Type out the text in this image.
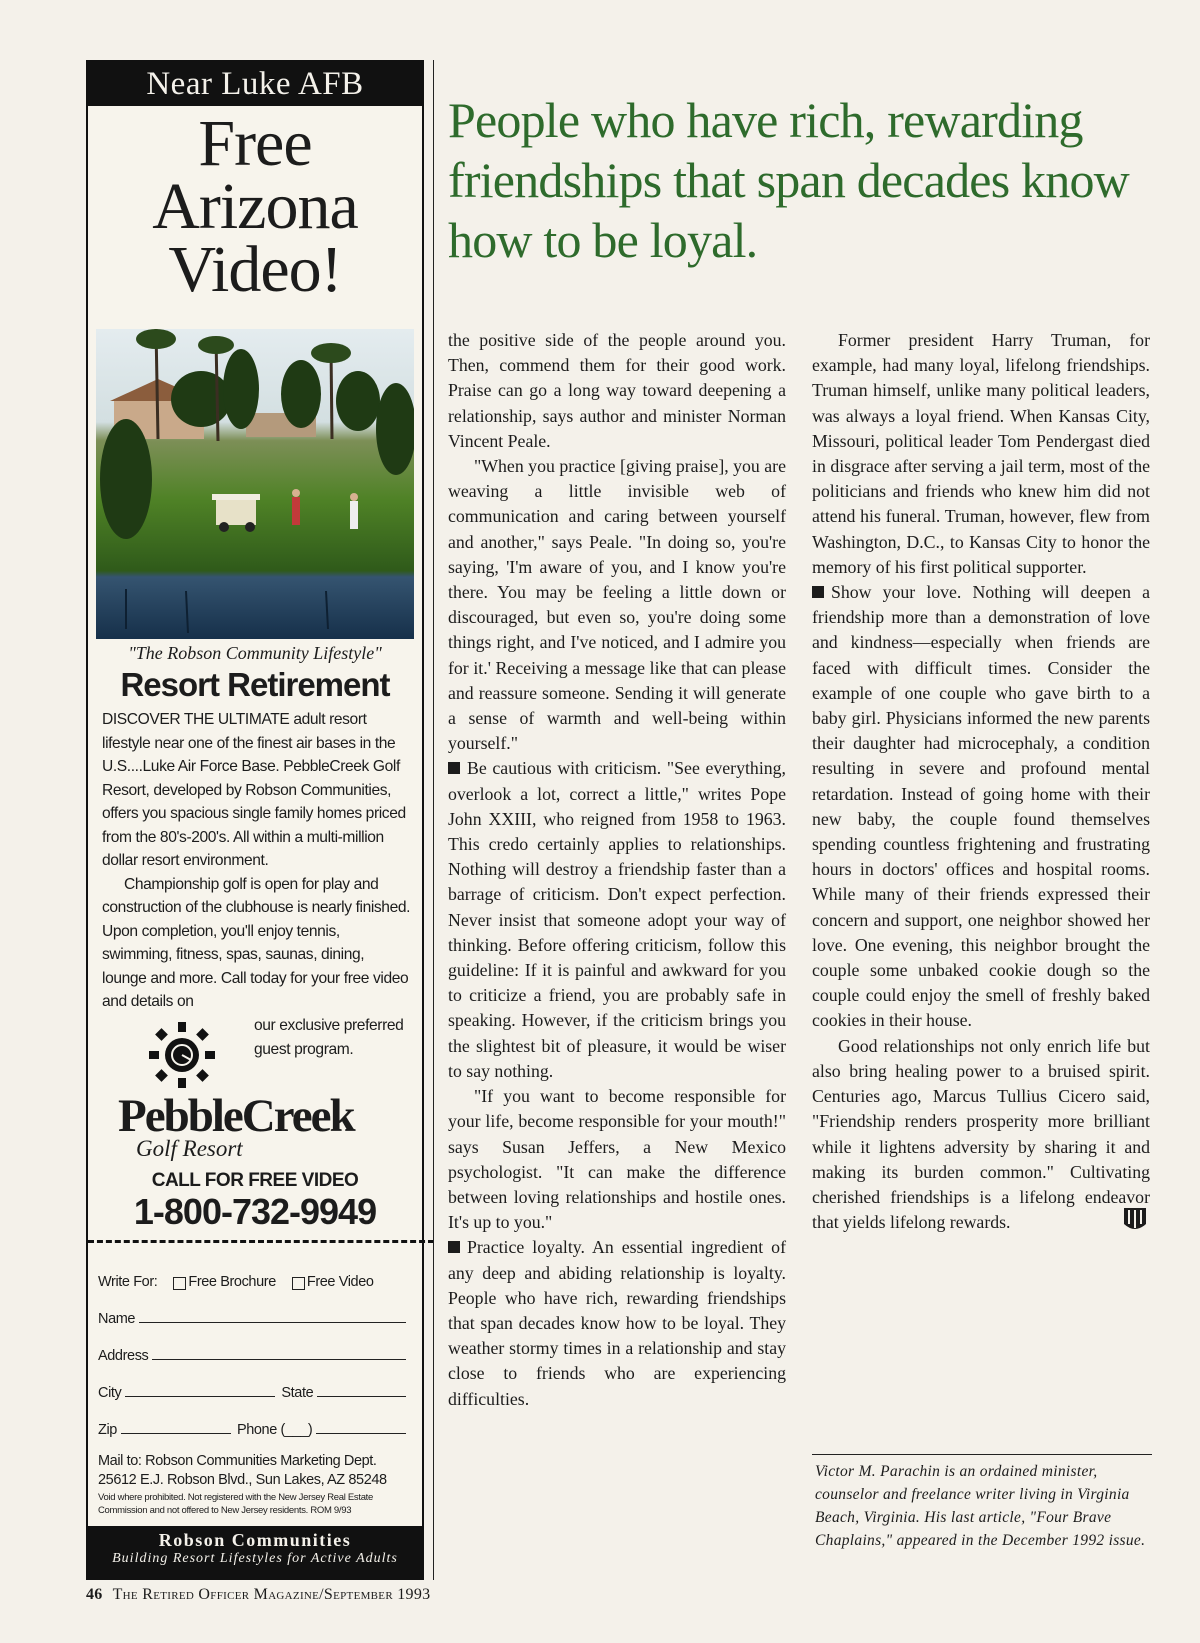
Near Luke AFB
Free
Arizona
Video!
"The Robson Community Lifestyle"
Resort Retirement

DISCOVER THE ULTIMATE adult resort lifestyle near one of the finest air bases in the U.S....Luke Air Force Base. PebbleCreek Golf Resort, developed by Robson Communities, offers you spacious single family homes priced from the 80's-200's. All within a multi-million dollar resort environment.

Championship golf is open for play and construction of the clubhouse is nearly finished. Upon completion, you'll enjoy tennis, swimming, fitness, spas, saunas, dining, lounge and more. Call today for your free video and details on

our exclusive preferred guest program.
PebbleCreek
Golf Resort
CALL FOR FREE VIDEO
1-800-732-9949
Write For: Free Brochure Free Video
Name
Address
City	State
Zip	Phone (___)
Mail to: Robson Communities Marketing Dept. 25612 E.J. Robson Blvd., Sun Lakes, AZ 85248
Void where prohibited. Not registered with the New Jersey Real Estate Commission and not offered to New Jersey residents. ROM 9/93
Robson Communities
Building Resort Lifestyles for Active Adults
People who have rich, rewarding
friendships that span decades know
how to be loyal.

the positive side of the people around you. Then, commend them for their good work. Praise can go a long way toward deepening a relationship, says author and minister Norman Vincent Peale.

"When you practice [giving praise], you are weaving a little invisible web of communication and caring between yourself and another," says Peale. "In doing so, you're saying, 'I'm aware of you, and I know you're there. You may be feeling a little down or discouraged, but even so, you're doing some things right, and I've noticed, and I admire you for it.' Receiving a message like that can please and reassure someone. Sending it will generate a sense of warmth and well-being within yourself."

Be cautious with criticism. "See everything, overlook a lot, correct a little," writes Pope John XXIII, who reigned from 1958 to 1963. This credo certainly applies to relationships. Nothing will destroy a friendship faster than a barrage of criticism. Don't expect perfection. Never insist that someone adopt your way of thinking. Before offering criticism, follow this guideline: If it is painful and awkward for you to criticize a friend, you are probably safe in speaking. However, if the criticism brings you the slightest bit of pleasure, it would be wiser to say nothing.

"If you want to become responsible for your life, become responsible for your mouth!" says Susan Jeffers, a New Mexico psychologist. "It can make the difference between loving relationships and hostile ones. It's up to you."

Practice loyalty. An essential ingredient of any deep and abiding relationship is loyalty. People who have rich, rewarding friendships that span decades know how to be loyal. They weather stormy times in a relationship and stay close to friends who are experiencing difficulties.

Former president Harry Truman, for example, had many loyal, lifelong friendships. Truman himself, unlike many political leaders, was always a loyal friend. When Kansas City, Missouri, political leader Tom Pendergast died in disgrace after serving a jail term, most of the politicians and friends who knew him did not attend his funeral. Truman, however, flew from Washington, D.C., to Kansas City to honor the memory of his first political supporter.

Show your love. Nothing will deepen a friendship more than a demonstration of love and kindness—especially when friends are faced with difficult times. Consider the example of one couple who gave birth to a baby girl. Physicians informed the new parents their daughter had microcephaly, a condition resulting in severe and profound mental retardation. Instead of going home with their new baby, the couple found themselves spending countless frightening and frustrating hours in doctors' offices and hospital rooms. While many of their friends expressed their concern and support, one neighbor showed her love. One evening, this neighbor brought the couple some unbaked cookie dough so the couple could enjoy the smell of freshly baked cookies in their house.

Good relationships not only enrich life but also bring healing power to a bruised spirit. Centuries ago, Marcus Tullius Cicero said, "Friendship renders prosperity more brilliant while it lightens adversity by sharing it and making its burden common." Cultivating cherished friendships is a lifelong endeavor that yields lifelong rewards.

Victor M. Parachin is an ordained minister, counselor and freelance writer living in Virginia Beach, Virginia. His last article, "Four Brave Chaplains," appeared in the December 1992 issue.
46 The Retired Officer Magazine/September 1993
